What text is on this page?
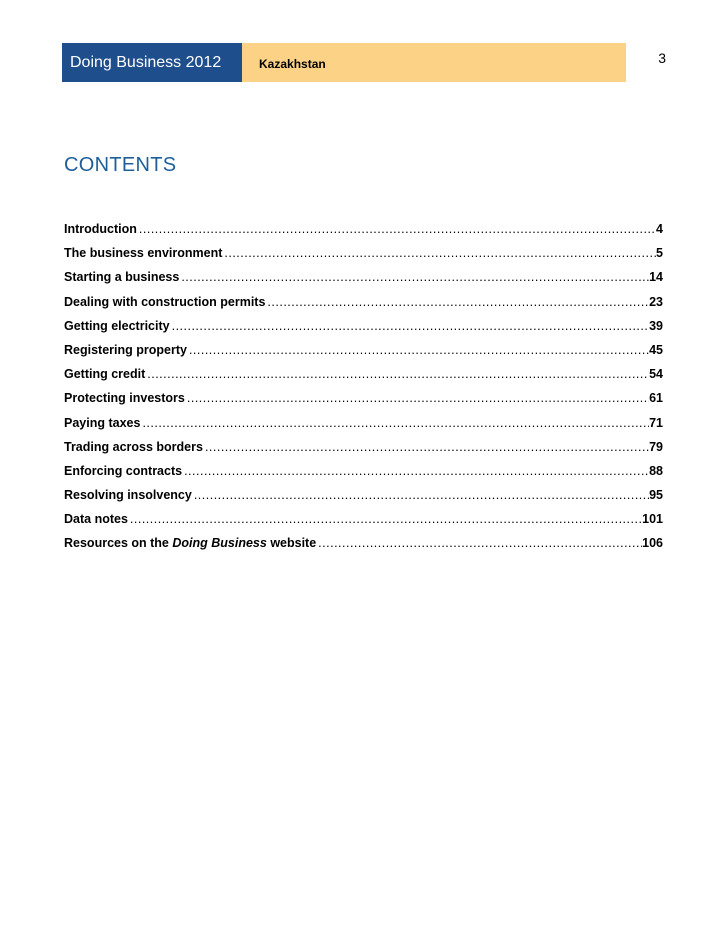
Doing Business 2012	Kazakhstan	3
CONTENTS
Introduction .....	4
The business environment .....	5
Starting a business .....	14
Dealing with construction permits .....	23
Getting electricity .....	39
Registering property .....	45
Getting credit .....	54
Protecting investors .....	61
Paying taxes .....	71
Trading across borders .....	79
Enforcing contracts .....	88
Resolving insolvency .....	95
Data notes .....	101
Resources on the Doing Business website .....	106
